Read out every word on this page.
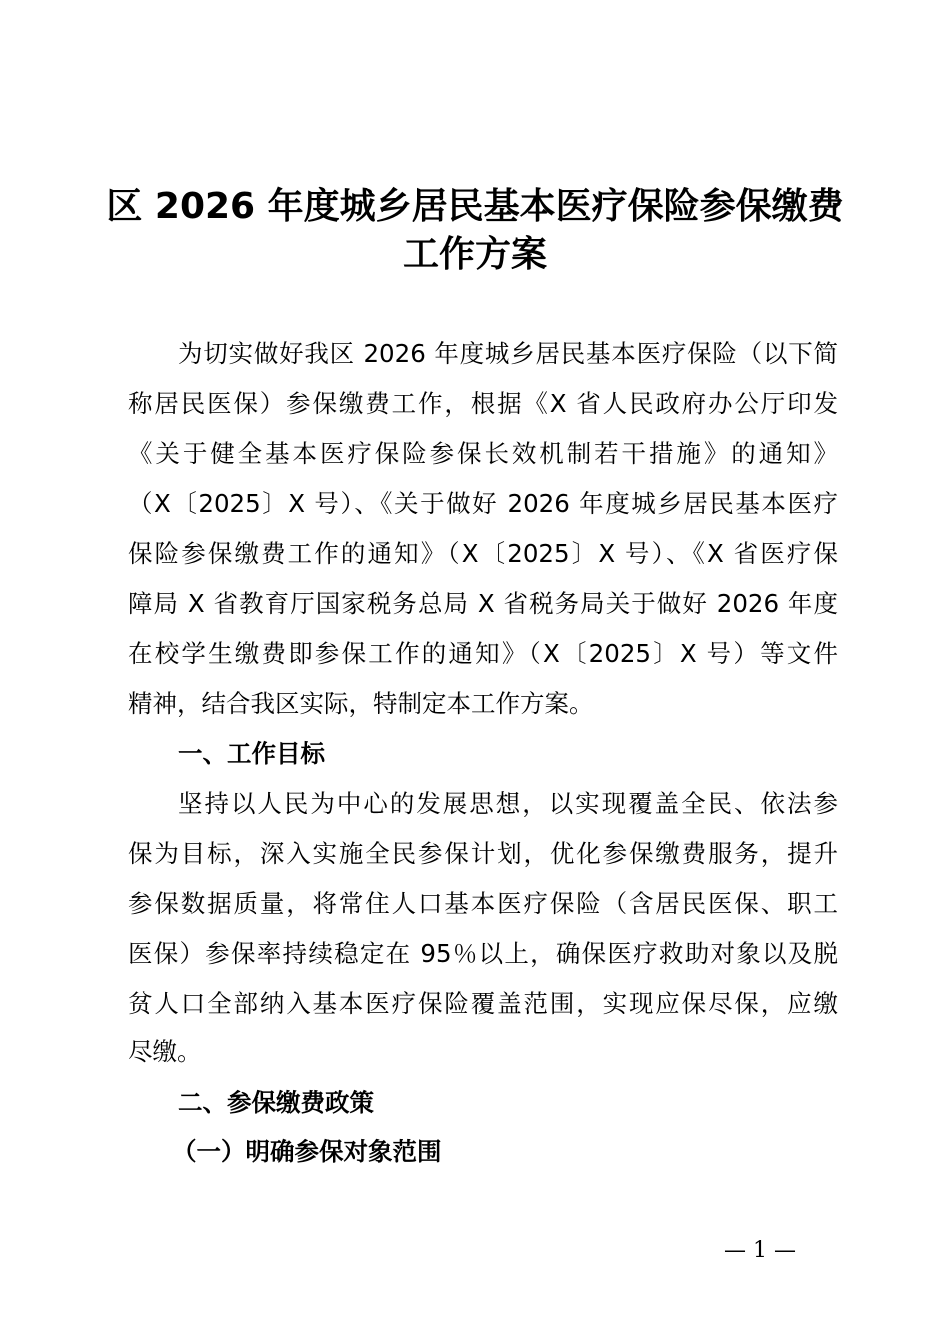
区 2026 年度城乡居民基本医疗保险参保缴费
工作方案
为切实做好我区 2026 年度城乡居民基本医疗保险（以下简
称居民医保）参保缴费工作，根据《X 省人民政府办公厅印发
《关于健全基本医疗保险参保长效机制若干措施》的通知》
（X〔2025〕X 号）、《关于做好 2026 年度城乡居民基本医疗
保险参保缴费工作的通知》（X〔2025〕X 号）、《X 省医疗保
障局 X 省教育厅国家税务总局 X 省税务局关于做好 2026 年度
在校学生缴费即参保工作的通知》（X〔2025〕X 号）等文件
精神，结合我区实际，特制定本工作方案。
一、工作目标
坚持以人民为中心的发展思想，以实现覆盖全民、依法参
保为目标，深入实施全民参保计划，优化参保缴费服务，提升
参保数据质量，将常住人口基本医疗保险（含居民医保、职工
医保）参保率持续稳定在 95％以上，确保医疗救助对象以及脱
贫人口全部纳入基本医疗保险覆盖范围，实现应保尽保，应缴
尽缴。
二、参保缴费政策
（一）明确参保对象范围
— 1 —
